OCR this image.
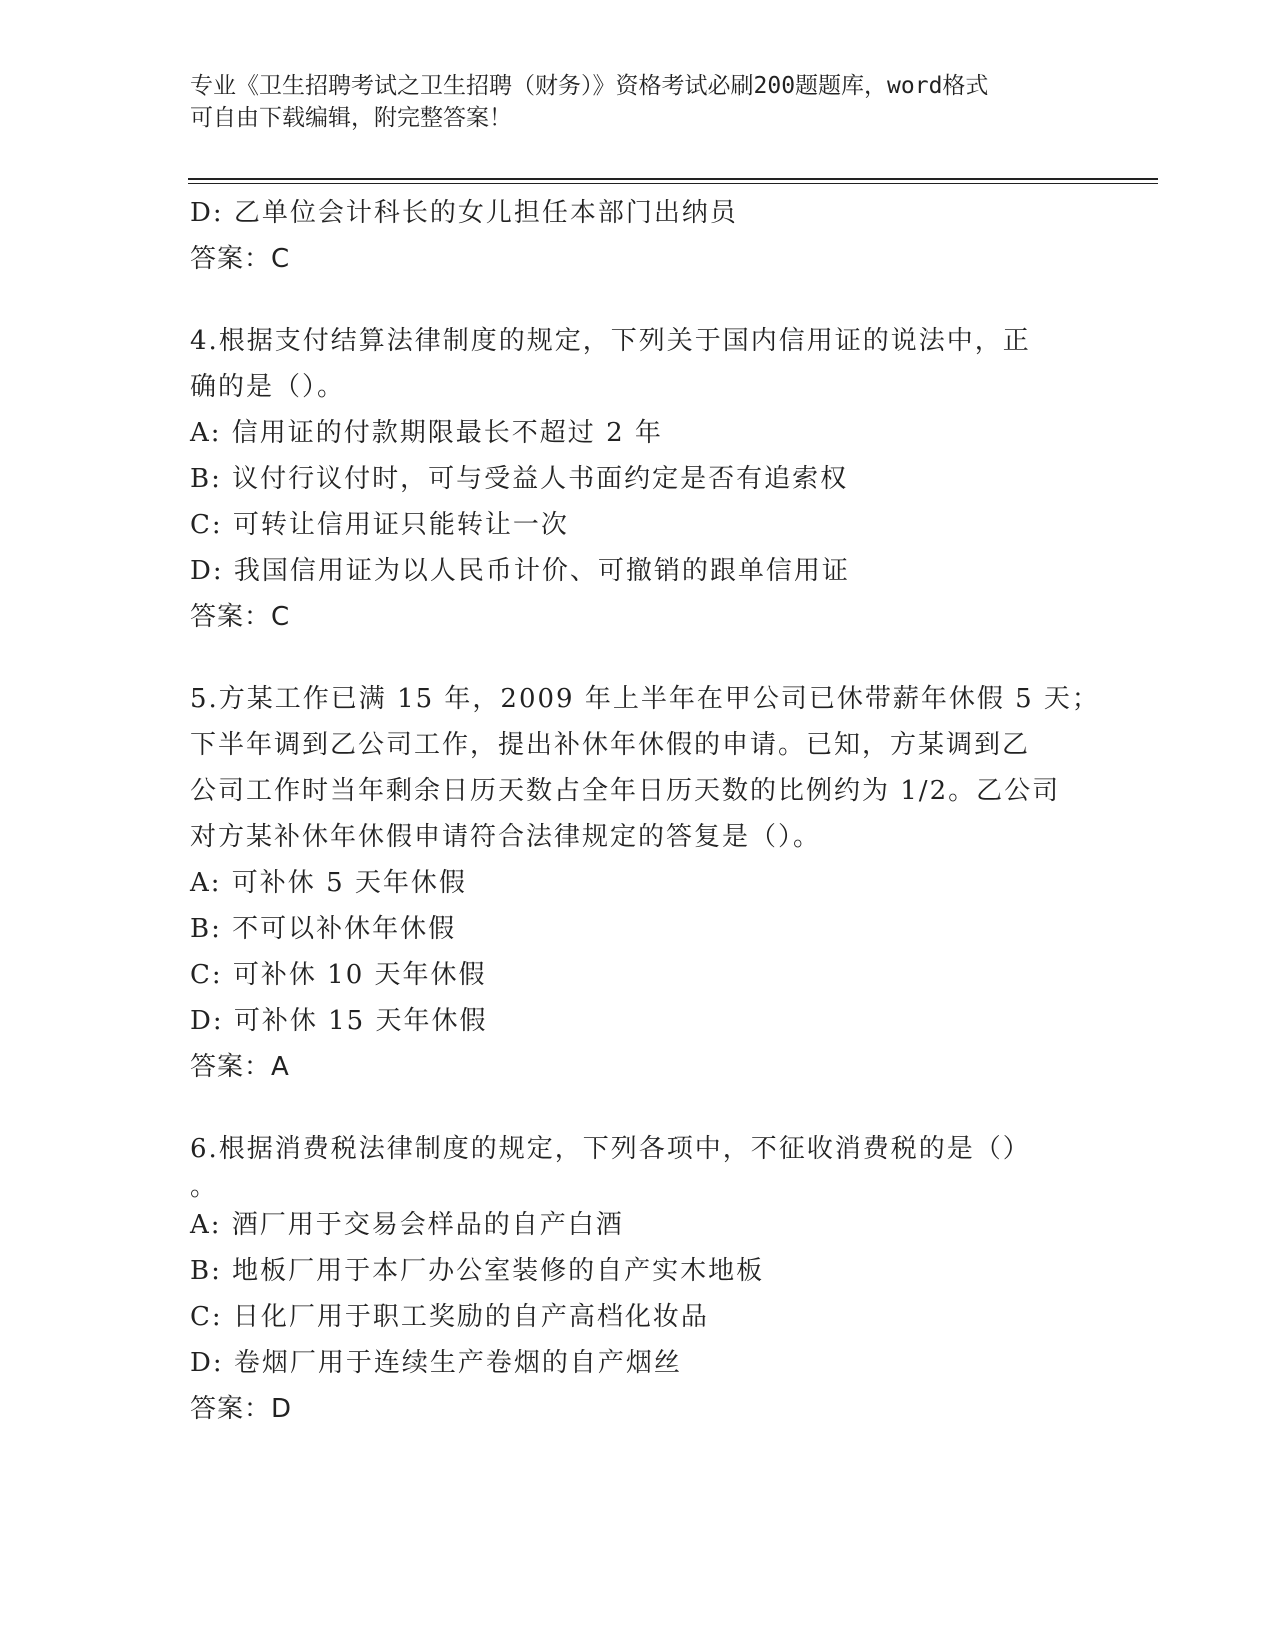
专业《卫生招聘考试之卫生招聘（财务）》资格考试必刷200题题库，word格式
可自由下载编辑，附完整答案！
D: 乙单位会计科长的女儿担任本部门出纳员
答案：C
4.根据支付结算法律制度的规定，下列关于国内信用证的说法中，正
确的是（）。
A: 信用证的付款期限最长不超过 2 年
B: 议付行议付时，可与受益人书面约定是否有追索权
C: 可转让信用证只能转让一次
D: 我国信用证为以人民币计价、可撤销的跟单信用证
答案：C
5.方某工作已满 15 年，2009 年上半年在甲公司已休带薪年休假 5 天；
下半年调到乙公司工作，提出补休年休假的申请。已知，方某调到乙
公司工作时当年剩余日历天数占全年日历天数的比例约为 1/2。乙公司
对方某补休年休假申请符合法律规定的答复是（）。
A: 可补休 5 天年休假
B: 不可以补休年休假
C: 可补休 10 天年休假
D: 可补休 15 天年休假
答案：A
6.根据消费税法律制度的规定，下列各项中，不征收消费税的是（）
。
A: 酒厂用于交易会样品的自产白酒
B: 地板厂用于本厂办公室装修的自产实木地板
C: 日化厂用于职工奖励的自产高档化妆品
D: 卷烟厂用于连续生产卷烟的自产烟丝
答案：D
